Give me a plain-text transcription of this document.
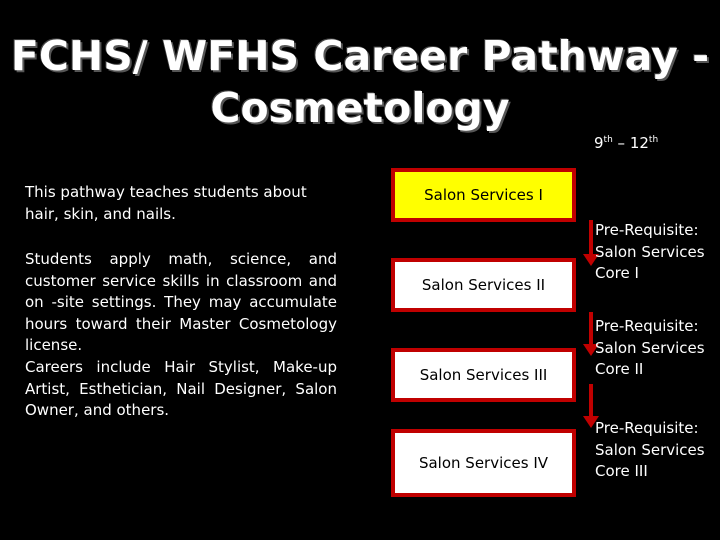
FCHS/ WFHS Career Pathway -
Cosmetology
9th – 12th
This pathway teaches students about hair, skin, and nails.
Students apply math, science, and customer service skills in classroom and on -site settings. They may accumulate hours toward their Master Cosmetology license.
Careers include Hair Stylist, Make-up Artist, Esthetician, Nail Designer, Salon Owner, and others.
Salon Services I
Salon Services II
Salon Services III
Salon Services IV
Pre-Requisite:
Salon Services
Core I
Pre-Requisite:
Salon Services
Core II
Pre-Requisite:
Salon Services
Core III
